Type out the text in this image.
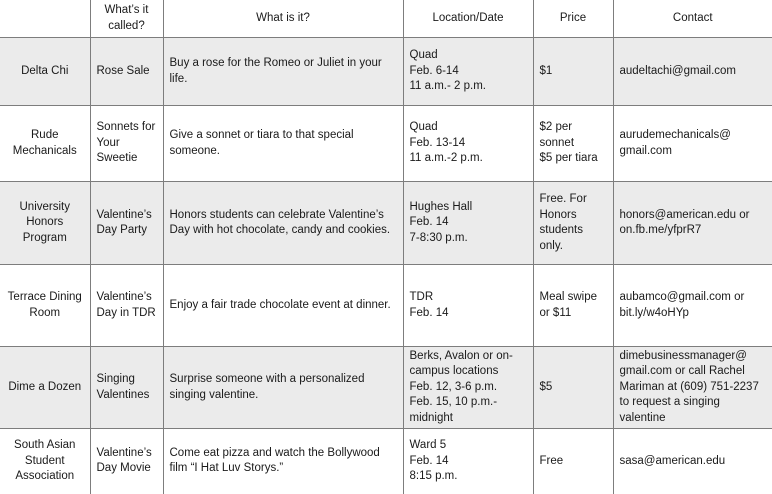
	What’s it called?	What is it?	Location/Date	Price	Contact
Delta Chi	Rose Sale	Buy a rose for the Romeo or Juliet in your life.	Quad
Feb. 6-14
11 a.m.- 2 p.m.	$1	audeltachi@gmail.com

Rude Mechanicals	Sonnets for Your Sweetie	Give a sonnet or tiara to that special someone.	Quad
Feb. 13-14
11 a.m.-2 p.m.	$2 per sonnet
$5 per tiara	aurudemechanicals@
gmail.com

University Honors Program	Valentine’s Day Party	Honors students can celebrate Valentine’s Day with hot chocolate, candy and cookies.	Hughes Hall
Feb. 14
7-8:30 p.m.	Free. For Honors students only.	honors@american.edu or on.fb.me/yfprR7

Terrace Dining Room	Valentine’s Day in TDR	Enjoy a fair trade chocolate event at dinner.	TDR
Feb. 14	Meal swipe or $11	aubamco@gmail.com or bit.ly/w4oHYp

Dime a Dozen	Singing Valentines	Surprise someone with a personalized singing valentine.	Berks, Avalon or on-campus locations
Feb. 12, 3-6 p.m.
Feb. 15, 10 p.m.-midnight	$5	dimebusinessmanager@
gmail.com or call Rachel Mariman at (609) 751-2237 to request a singing valentine

South Asian Student Association	Valentine’s Day Movie	Come eat pizza and watch the Bollywood film “I Hat Luv Storys.”	Ward 5
Feb. 14
8:15 p.m.	Free	sasa@american.edu
